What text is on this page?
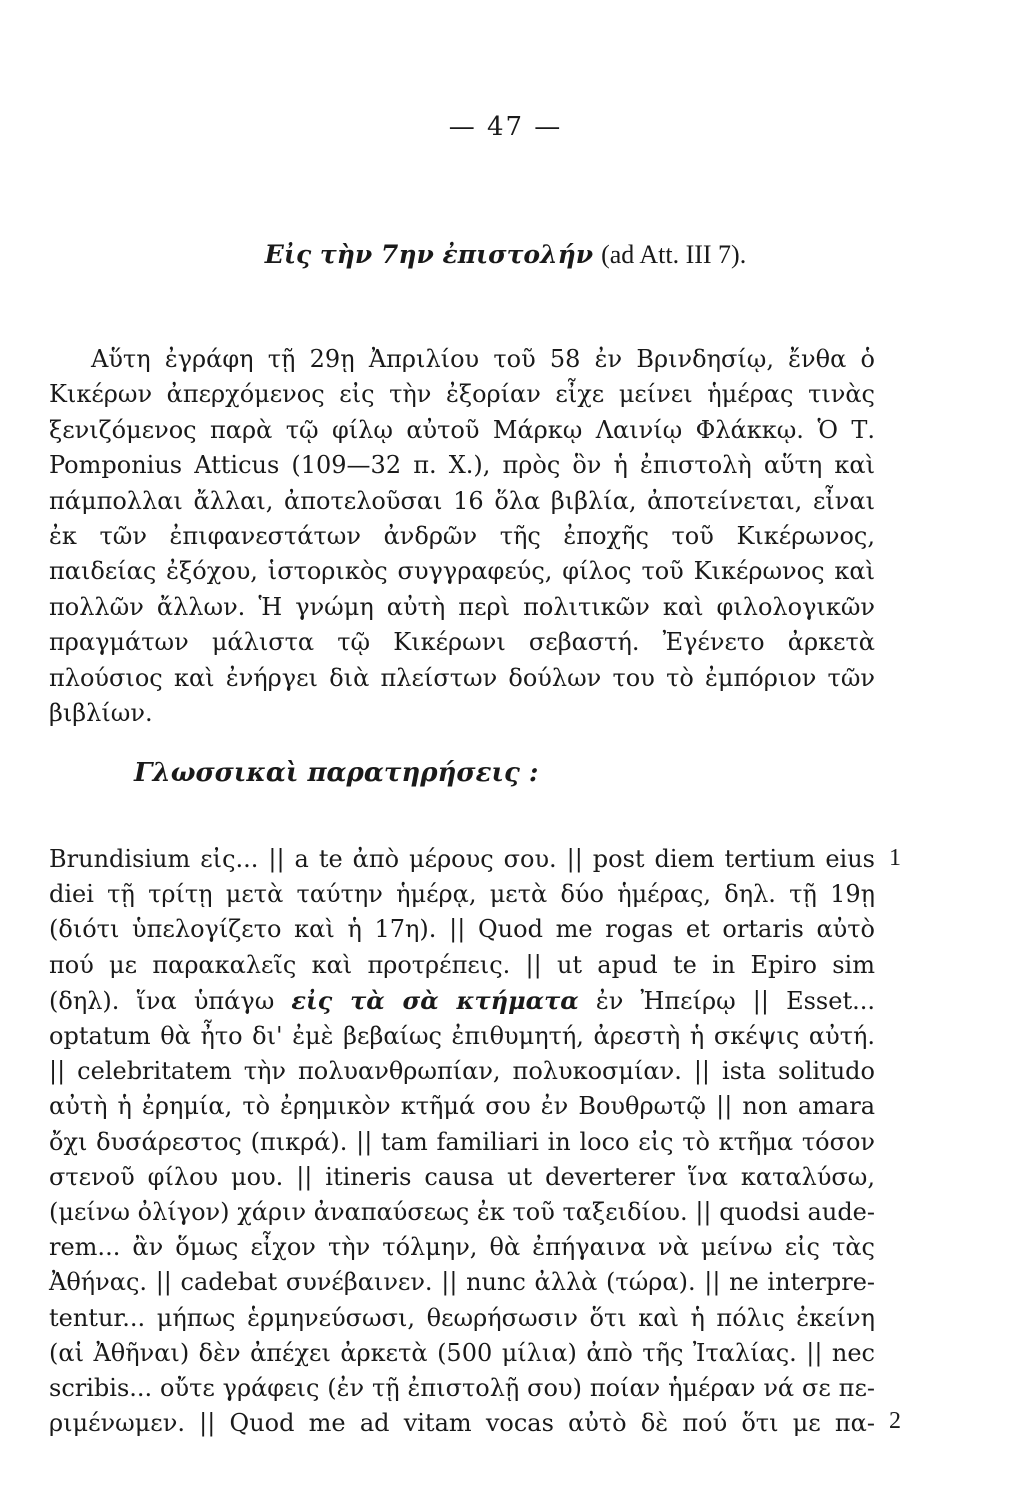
— 47 —
Εἰς τὴν 7ην ἐπιστολήν (ad Att. III 7).
Αὕτη ἐγράφη τῇ 29ῃ Ἀπριλίου τοῦ 58 ἐν Βρινδησίῳ, ἔνθα ὁ Κικέρων ἀπερχόμενος εἰς τὴν ἐξορίαν εἶχε μείνει ἡμέρας τινὰς ξενιζόμενος παρὰ τῷ φίλῳ αὐτοῦ Μάρκῳ Λαινίῳ Φλάκκῳ. Ὁ Τ. Pomponius Atticus (109—32 π. Χ.), πρὸς ὃν ἡ ἐπιστολὴ αὕτη καὶ πάμπολλαι ἄλλαι, ἀποτελοῦσαι 16 ὅλα βιβλία, ἀποτείνεται, εἶναι ἐκ τῶν ἐπιφανεστάτων ἀνδρῶν τῆς ἐποχῆς τοῦ Κικέρωνος, παιδείας ἐξόχου, ἱστορικὸς συγγραφεύς, φίλος τοῦ Κικέρωνος καὶ πολλῶν ἄλλων. Ἡ γνώμη αὐτὴ περὶ πολιτικῶν καὶ φιλολογικῶν πραγμάτων μάλιστα τῷ Κικέρωνι σεβαστή. Ἐγένετο ἀρκετὰ πλούσιος καὶ ἐνήργει διὰ πλείστων δούλων του τὸ ἐμπόριον τῶν βιβλίων.
Γλωσσικαὶ παρατηρήσεις :
Brundisium εἰς... || a te ἀπὸ μέρους σου. || post diem tertium eius
diei τῇ τρίτῃ μετὰ ταύτην ἡμέρᾳ, μετὰ δύο ἡμέρας, δηλ. τῇ 19ῃ
(διότι ὑπελογίζετο καὶ ἡ 17η). || Quod me rogas et ortaris αὐτὸ
πού με παρακαλεῖς καὶ προτρέπεις. || ut apud te in Epiro sim
(δηλ). ἵνα ὑπάγω εἰς τὰ σὰ κτήματα ἐν Ἠπείρῳ || Esset...
optatum θὰ ἦτο δι' ἐμὲ βεβαίως ἐπιθυμητή, ἀρεστὴ ἡ σκέψις αὐτή.
|| celebritatem τὴν πολυανθρωπίαν, πολυκοσμίαν. || ista solitudo
αὐτὴ ἡ ἐρημία, τὸ ἐρημικὸν κτῆμά σου ἐν Βουθρωτῷ || non amara
ὄχι δυσάρεστος (πικρά). || tam familiari in loco εἰς τὸ κτῆμα τόσον
στενοῦ φίλου μου. || itineris causa ut deverterer ἵνα καταλύσω,
(μείνω ὀλίγον) χάριν ἀναπαύσεως ἐκ τοῦ ταξειδίου. || quodsi aude-
rem... ἂν ὅμως εἶχον τὴν τόλμην, θὰ ἐπήγαινα νὰ μείνω εἰς τὰς
Ἀθήνας. || cadebat συνέβαινεν. || nunc ἀλλὰ (τώρα). || ne interpre-
tentur... μήπως ἑρμηνεύσωσι, θεωρήσωσιν ὅτι καὶ ἡ πόλις ἐκείνη
(αἱ Ἀθῆναι) δὲν ἀπέχει ἀρκετὰ (500 μίλια) ἀπὸ τῆς Ἰταλίας. || nec
scribis... οὔτε γράφεις (ἐν τῇ ἐπιστολῇ σου) ποίαν ἡμέραν νά σε πε-
ριμένωμεν. || Quod me ad vitam vocas αὐτὸ δὲ πού ὅτι με πα-
1
2
